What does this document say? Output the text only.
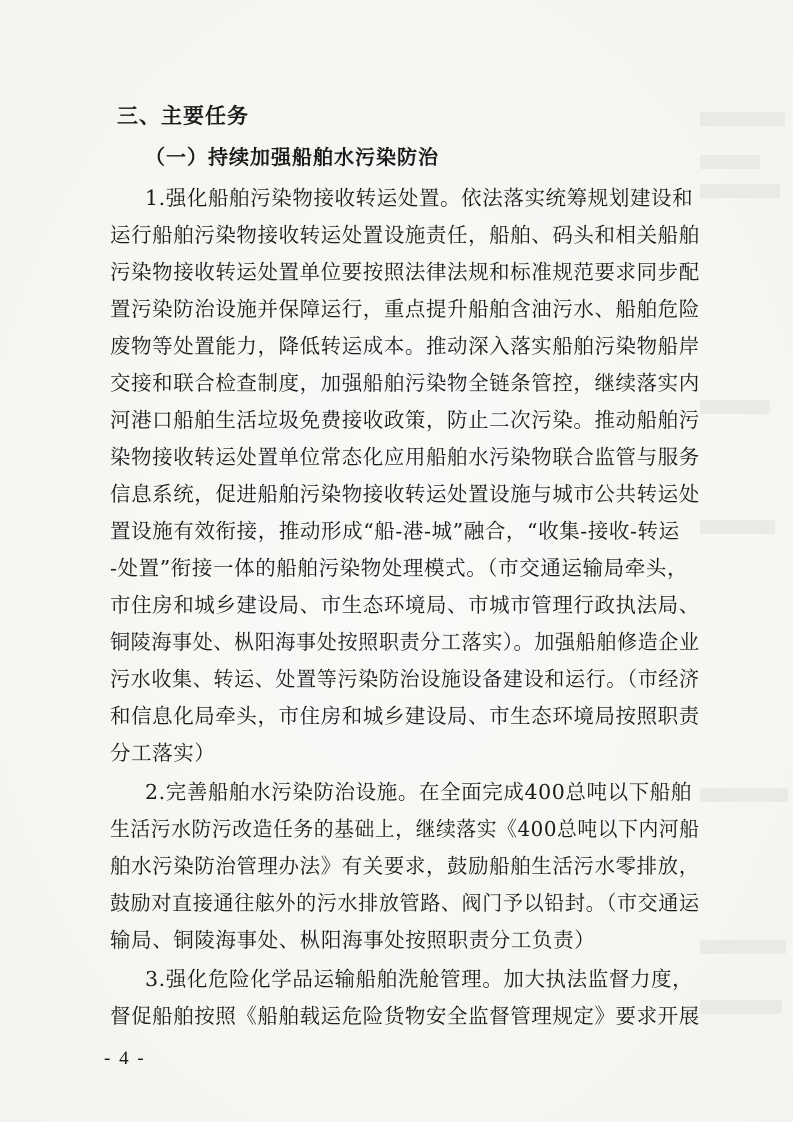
三、主要任务
（一）持续加强船舶水污染防治
1.强化船舶污染物接收转运处置。依法落实统筹规划建设和
运行船舶污染物接收转运处置设施责任，船舶、码头和相关船舶
污染物接收转运处置单位要按照法律法规和标准规范要求同步配
置污染防治设施并保障运行，重点提升船舶含油污水、船舶危险
废物等处置能力，降低转运成本。推动深入落实船舶污染物船岸
交接和联合检查制度，加强船舶污染物全链条管控，继续落实内
河港口船舶生活垃圾免费接收政策，防止二次污染。推动船舶污
染物接收转运处置单位常态化应用船舶水污染物联合监管与服务
信息系统，促进船舶污染物接收转运处置设施与城市公共转运处
置设施有效衔接，推动形成“船-港-城”融合，“收集-接收-转运
-处置”衔接一体的船舶污染物处理模式。（市交通运输局牵头，
市住房和城乡建设局、市生态环境局、市城市管理行政执法局、
铜陵海事处、枞阳海事处按照职责分工落实）。加强船舶修造企业
污水收集、转运、处置等污染防治设施设备建设和运行。（市经济
和信息化局牵头，市住房和城乡建设局、市生态环境局按照职责
分工落实）
2.完善船舶水污染防治设施。在全面完成400总吨以下船舶
生活污水防污改造任务的基础上，继续落实《400总吨以下内河船
舶水污染防治管理办法》有关要求，鼓励船舶生活污水零排放，
鼓励对直接通往舷外的污水排放管路、阀门予以铅封。（市交通运
输局、铜陵海事处、枞阳海事处按照职责分工负责）
3.强化危险化学品运输船舶洗舱管理。加大执法监督力度，
督促船舶按照《船舶载运危险货物安全监督管理规定》要求开展
- 4 -
